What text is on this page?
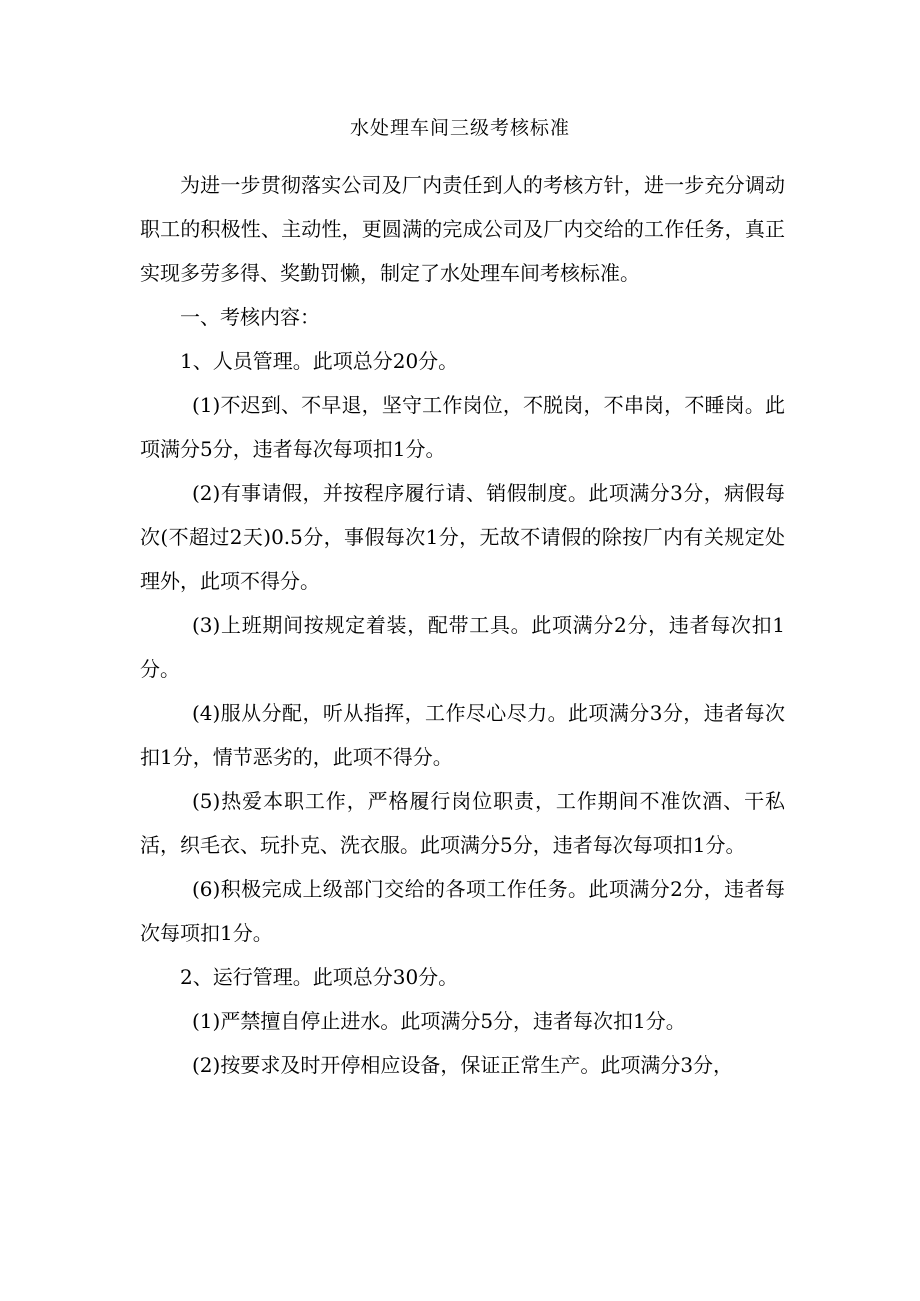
水处理车间三级考核标准

为进一步贯彻落实公司及厂内责任到人的考核方针，进一步充分调动职工的积极性、主动性，更圆满的完成公司及厂内交给的工作任务，真正实现多劳多得、奖勤罚懒，制定了水处理车间考核标准。

一、考核内容：

1、人员管理。此项总分20分。

(1)不迟到、不早退，坚守工作岗位，不脱岗，不串岗，不睡岗。此项满分5分，违者每次每项扣1分。

(2)有事请假，并按程序履行请、销假制度。此项满分3分，病假每次(不超过2天)0.5分，事假每次1分，无故不请假的除按厂内有关规定处理外，此项不得分。

(3)上班期间按规定着装，配带工具。此项满分2分，违者每次扣1分。

(4)服从分配，听从指挥，工作尽心尽力。此项满分3分，违者每次扣1分，情节恶劣的，此项不得分。

(5)热爱本职工作，严格履行岗位职责，工作期间不准饮酒、干私活，织毛衣、玩扑克、洗衣服。此项满分5分，违者每次每项扣1分。

(6)积极完成上级部门交给的各项工作任务。此项满分2分，违者每次每项扣1分。

2、运行管理。此项总分30分。

(1)严禁擅自停止进水。此项满分5分，违者每次扣1分。

(2)按要求及时开停相应设备，保证正常生产。此项满分3分，
